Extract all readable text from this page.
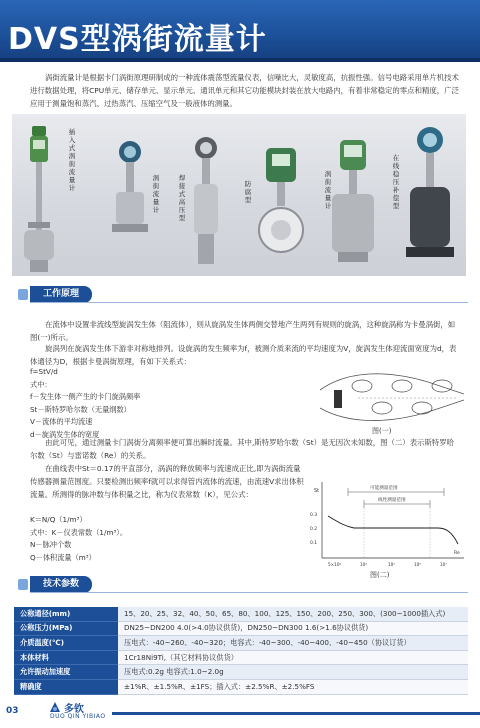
DVS型涡街流量计

涡街流量计是根据卡门涡街原理研制成的一种流体震荡型流量仪表，信噪比大，灵敏度高，抗振性强。信号电路采用单片机技术进行数据处理，将CPU单元、储存单元、显示单元、通讯单元和其它功能模块封装在放大电路内，有着非常稳定的零点和精度，广泛应用于测量饱和蒸汽、过热蒸汽、压缩空气及一般液体的测量。

插入式涡街流量计
涡街流量计
焊接式高压型
防腐型
涡街流量计
在线稳压补偿型
工作原理

在流体中设置非流线型旋涡发生体（阻流体），则从旋涡发生体两侧交替地产生两列有规则的旋涡，这种旋涡称为卡曼涡街，如图(一)所示。

旋涡列在旋涡发生体下游非对称地排列。设旋涡的发生频率为f，被测介质来流的平均速度为V，旋涡发生体迎流面宽度为d，表体通径为D，根据卡曼涡街原理，有如下关系式：

f=StV/d
式中：
f－发生体一侧产生的卡门旋涡频率
St－斯特罗哈尔数（无量纲数）
V－流体的平均流速
d－旋涡发生体的宽度	图(一)

由此可见，通过测量卡门涡街分离频率便可算出瞬时流量。其中,斯特罗哈尔数（St）是无因次未知数，图（二）表示斯特罗哈尔数（St）与雷诺数（Re）的关系。

在曲线表中St＝0.17的平直部分，涡涡的释放频率与流速成正比,即为涡街流量传感器测量范围度。只要检测出频率f就可以求得管内流体的流速，由流速V求出体积流量。所测得的脉冲数与体积量之比，称为仪表常数（K），见公式：

K＝N/Q（1/m³）
式中：K－仪表常数（1/m³）。
N－脉冲个数
Q－体积流量（m³）
St
0.3
0.2
0.1
可能测量范围
线性测量范围
Re
5×10²	10⁴	10⁵	10⁶	10⁷
图(二)
技术参数
公称通径(mm)	15、20、25、32、40、50、65、80、100、125、150、200、250、300、(300~1000插入式)
公称压力(MPa)	DN25~DN200 4.0(>4.0协议供货)，DN250~DN300 1.6(>1.6协议供货)
介质温度(℃)	压电式：-40~260、-40~320；电容式：-40~300、-40~400、-40~450（协议订货）
本体材料	1Cr18Ni9Ti,（其它材料协议供货）
允许振动加速度	压电式:0.2g 电容式:1.0~2.0g
精确度	±1%R、±1.5%R、±1FS；插入式：±2.5%R、±2.5%FS
03	多钦
DUO QIN YIBIAO
